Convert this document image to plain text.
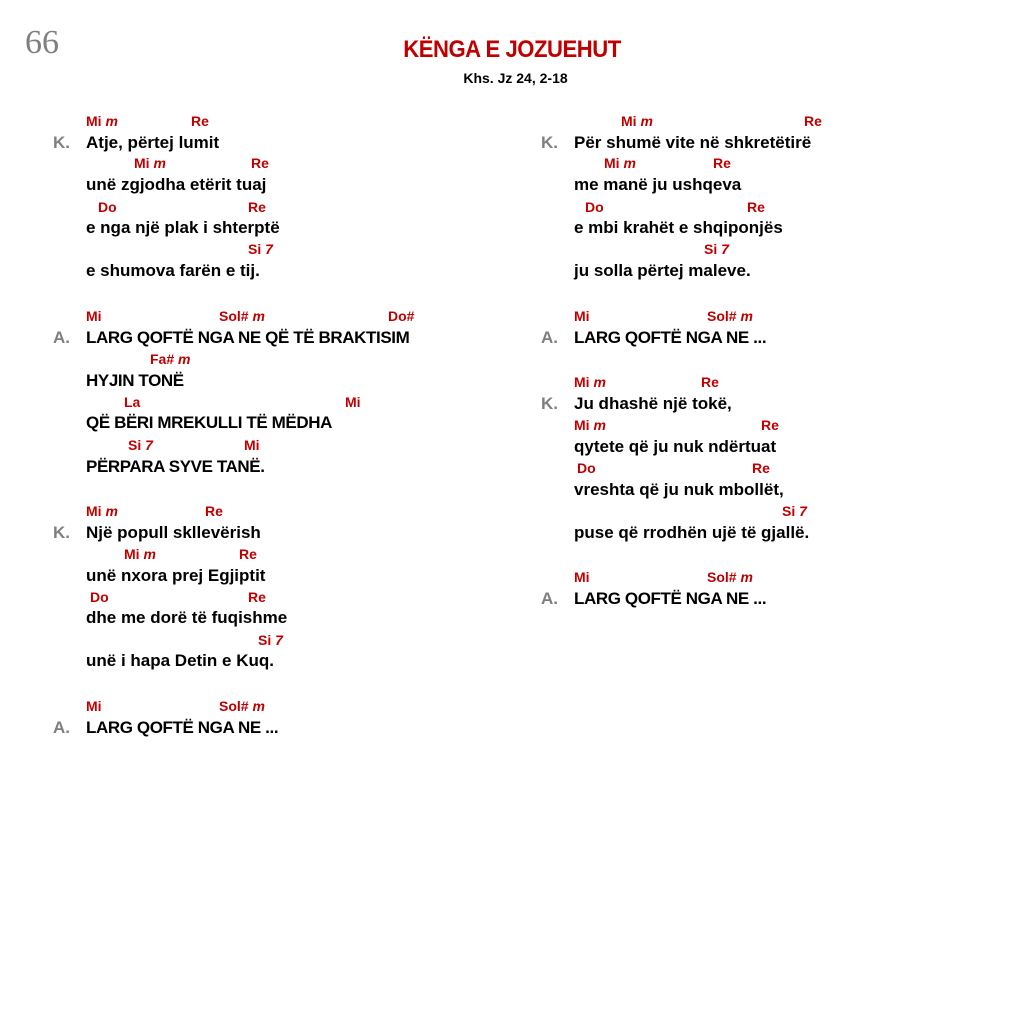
66	KËNGA E JOZUEHUT
Khs. Jz 24, 2-18
Mi m	Re
K. Atje, përtej lumit
Mi m	Re
unë zgjodha etërit tuaj
Do	Re
e nga një plak i shterptë
Si 7
e shumova farën e tij.
Mi	Sol# m	Do#
A. LARG QOFTË NGA NE QË TË BRAKTISIM
Fa# m
HYJIN TONË
La	Mi
QË BËRI MREKULLI TË MËDHA
Si 7	Mi
PËRPARA SYVE TANË.
Mi m	Re
K. Një popull skllevërish
Mi m	Re
unë nxora prej Egjiptit
Do	Re
dhe me dorë të fuqishme
Si 7
unë i hapa Detin e Kuq.
Mi	Sol# m
A. LARG QOFTË NGA NE ...
Mi m	Re
K. Për shumë vite në shkretëtirë
Mi m	Re
me manë ju ushqeva
Do	Re
e mbi krahët e shqiponjës
Si 7
ju solla përtej maleve.
Mi	Sol# m
A. LARG QOFTË NGA NE ...
Mi m	Re
K. Ju dhashë një tokë,
Mi m	Re
qytete që ju nuk ndërtuat
Do	Re
vreshta që ju nuk mbollët,
Si 7
puse që rrodhën ujë të gjallë.
Mi	Sol# m
A. LARG QOFTË NGA NE ...
